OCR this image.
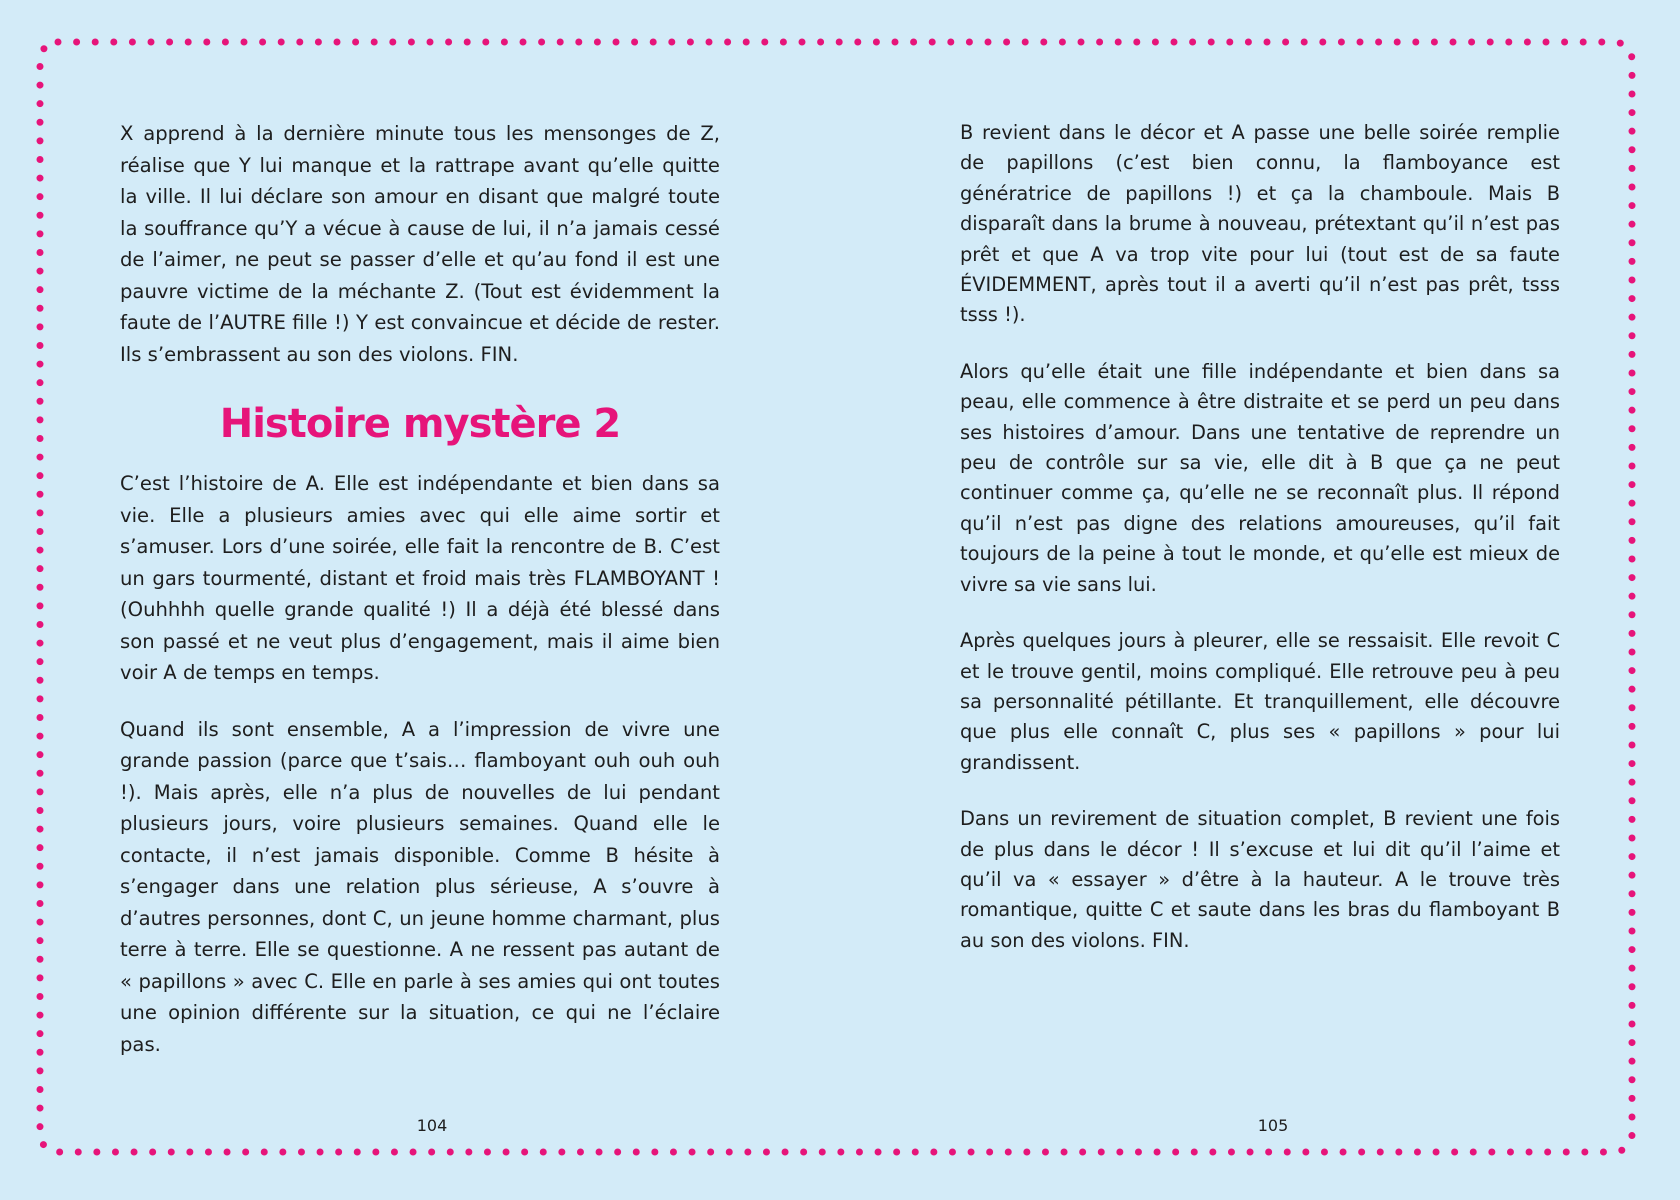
X apprend à la dernière minute tous les mensonges de Z, réalise que Y lui manque et la rattrape avant qu’elle quitte la ville. Il lui déclare son amour en disant que malgré toute la souffrance qu’Y a vécue à cause de lui, il n’a jamais cessé de l’aimer, ne peut se passer d’elle et qu’au fond il est une pauvre victime de la méchante Z. (Tout est évidemment la faute de l’AUTRE fille !) Y est convaincue et décide de rester. Ils s’embrassent au son des violons. FIN.

Histoire mystère 2

C’est l’histoire de A. Elle est indépendante et bien dans sa vie. Elle a plusieurs amies avec qui elle aime sortir et s’amuser. Lors d’une soirée, elle fait la rencontre de B. C’est un gars tourmenté, distant et froid mais très FLAMBOYANT ! (Ouhhhh quelle grande qualité !) Il a déjà été blessé dans son passé et ne veut plus d’engagement, mais il aime bien voir A de temps en temps.

Quand ils sont ensemble, A a l’impression de vivre une grande passion (parce que t’sais… flamboyant ouh ouh ouh !). Mais après, elle n’a plus de nouvelles de lui pendant plusieurs jours, voire plusieurs semaines. Quand elle le contacte, il n’est jamais disponible. Comme B hésite à s’engager dans une relation plus sérieuse, A s’ouvre à d’autres personnes, dont C, un jeune homme charmant, plus terre à terre. Elle se questionne. A ne ressent pas autant de « papillons » avec C. Elle en parle à ses amies qui ont toutes une opinion différente sur la situation, ce qui ne l’éclaire pas.

B revient dans le décor et A passe une belle soirée remplie de papillons (c’est bien connu, la flamboyance est génératrice de papillons !) et ça la chamboule. Mais B disparaît dans la brume à nouveau, prétextant qu’il n’est pas prêt et que A va trop vite pour lui (tout est de sa faute ÉVIDEMMENT, après tout il a averti qu’il n’est pas prêt, tsss tsss !).

Alors qu’elle était une fille indépendante et bien dans sa peau, elle commence à être distraite et se perd un peu dans ses histoires d’amour. Dans une tentative de reprendre un peu de contrôle sur sa vie, elle dit à B que ça ne peut continuer comme ça, qu’elle ne se reconnaît plus. Il répond qu’il n’est pas digne des relations amoureuses, qu’il fait toujours de la peine à tout le monde, et qu’elle est mieux de vivre sa vie sans lui.

Après quelques jours à pleurer, elle se ressaisit. Elle revoit C et le trouve gentil, moins compliqué. Elle retrouve peu à peu sa personnalité pétillante. Et tranquillement, elle découvre que plus elle connaît C, plus ses « papillons » pour lui grandissent.

Dans un revirement de situation complet, B revient une fois de plus dans le décor ! Il s’excuse et lui dit qu’il l’aime et qu’il va « essayer » d’être à la hauteur. A le trouve très romantique, quitte C et saute dans les bras du flamboyant B au son des violons. FIN.

104	105
